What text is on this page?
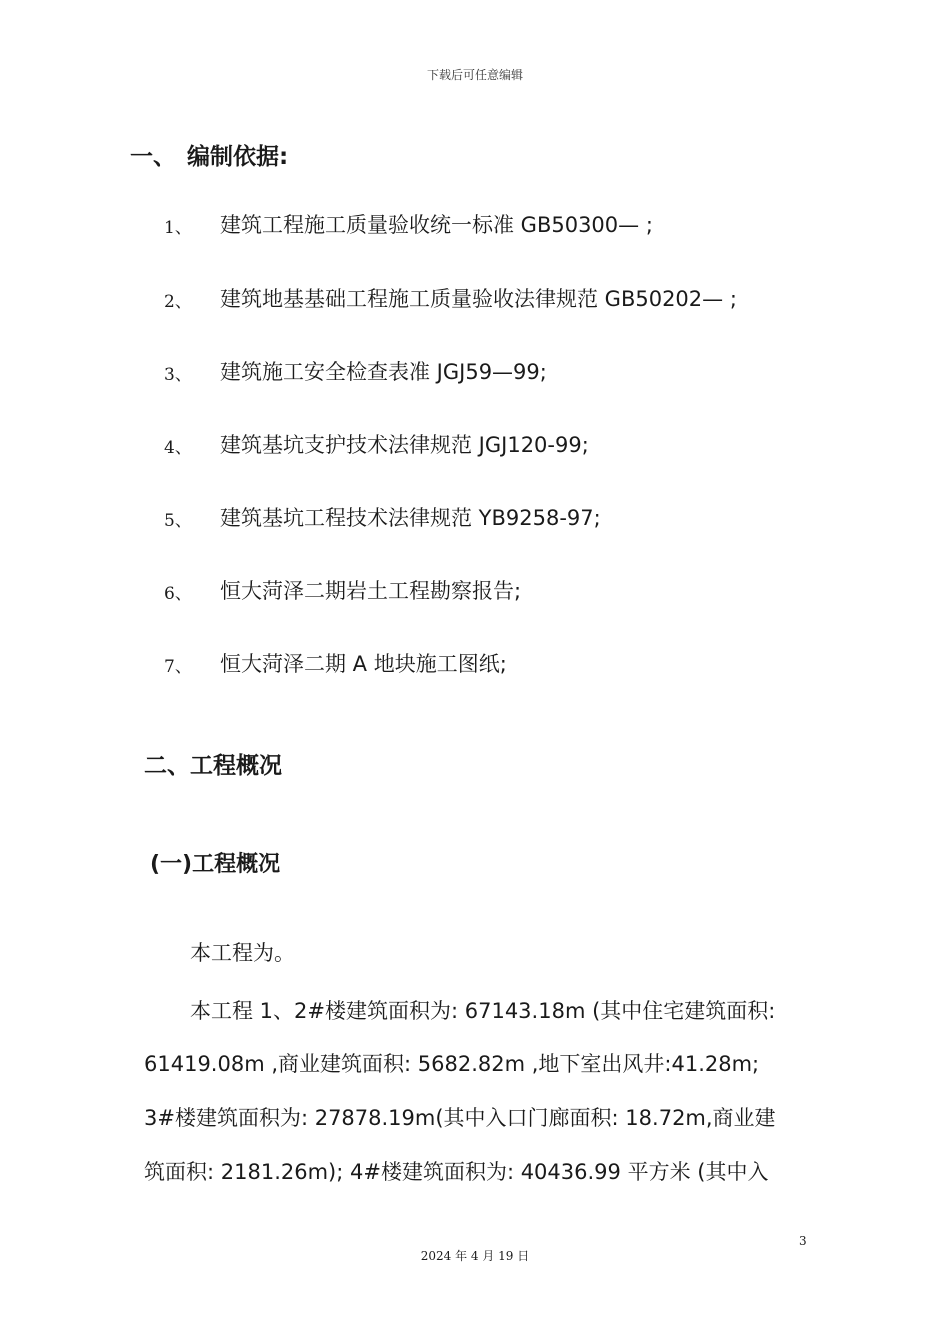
下载后可任意编辑
一、 编制依据:
1、 建筑工程施工质量验收统一标准 GB50300— ;
2、 建筑地基基础工程施工质量验收法律规范 GB50202— ;
3、 建筑施工安全检查表准 JGJ59—99;
4、 建筑基坑支护技术法律规范 JGJ120-99;
5、 建筑基坑工程技术法律规范 YB9258-97;
6、 恒大菏泽二期岩土工程勘察报告;
7、 恒大菏泽二期 A 地块施工图纸;
二、工程概况
(一)工程概况
本工程为。
本工程 1、2#楼建筑面积为: 67143.18m (其中住宅建筑面积:
61419.08m ,商业建筑面积: 5682.82m ,地下室出风井:41.28m;
3#楼建筑面积为: 27878.19m(其中入口门廊面积: 18.72m,商业建
筑面积: 2181.26m); 4#楼建筑面积为: 40436.99 平方米 (其中入
3
2024 年 4 月 19 日
